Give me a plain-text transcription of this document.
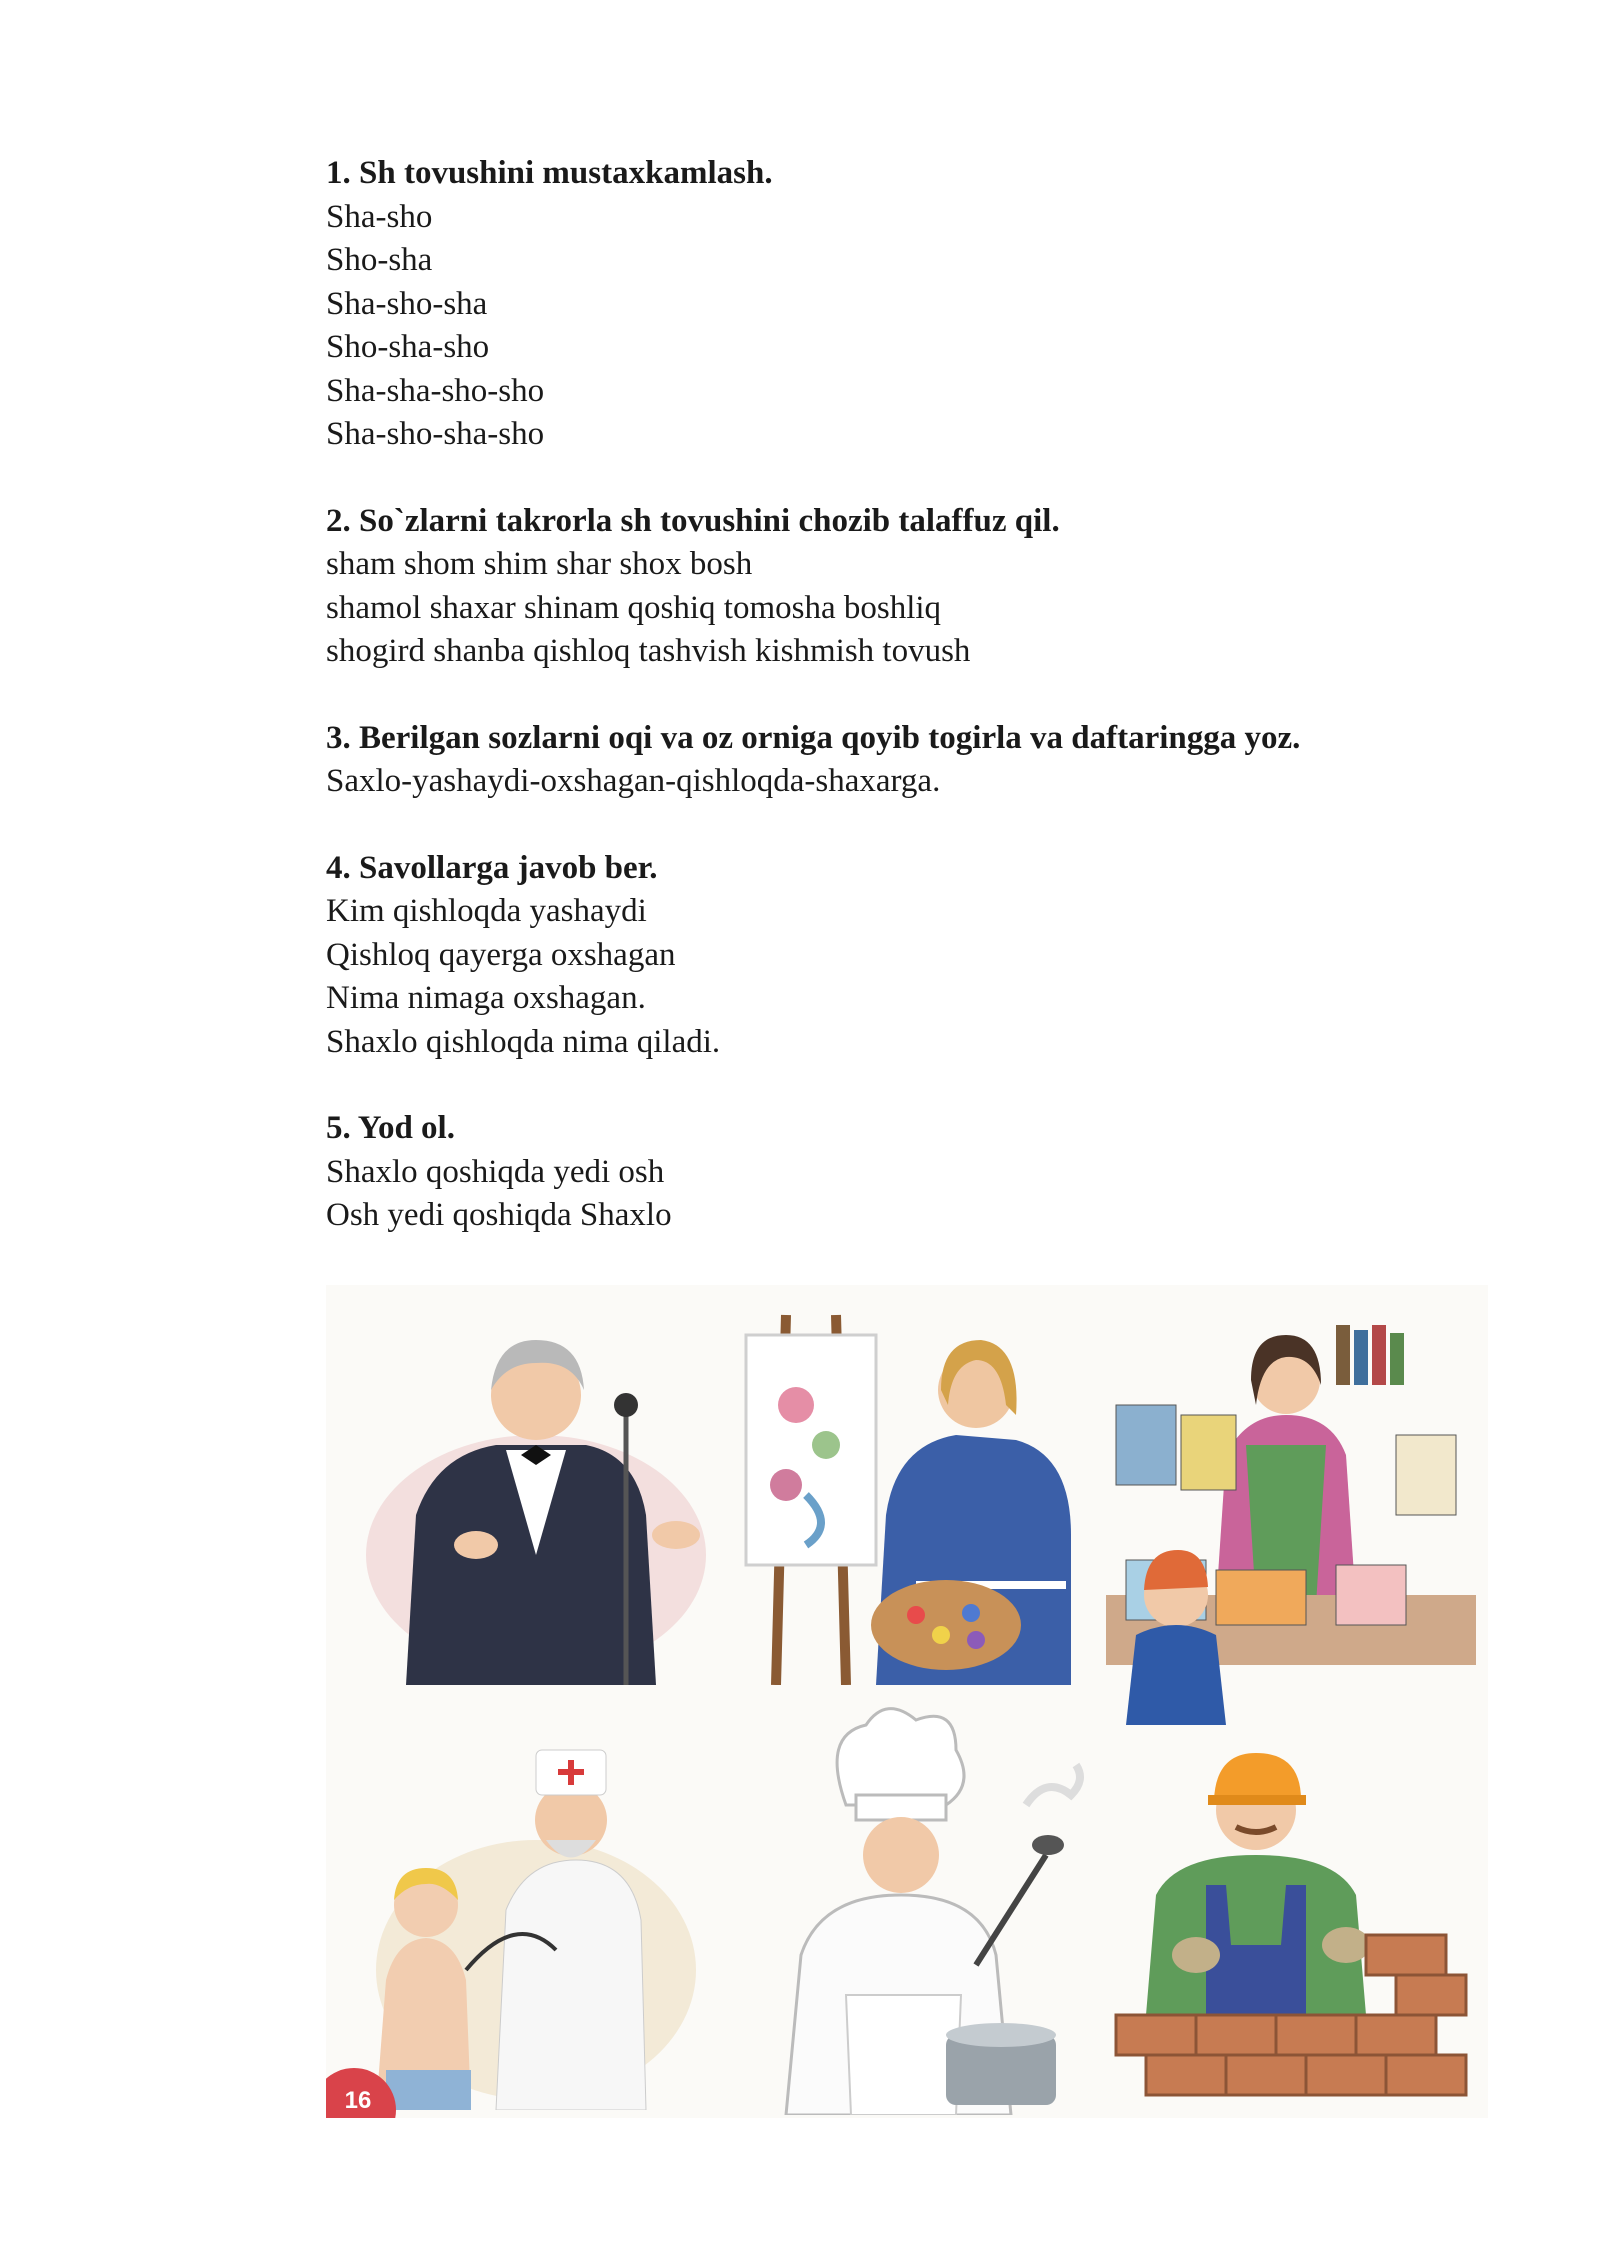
1. Sh tovushini mustaxkamlash.

Sha-sho

Sho-sha

Sha-sho-sha

Sho-sha-sho

Sha-sha-sho-sho

Sha-sho-sha-sho

2. So`zlarni takrorla sh tovushini chozib talaffuz qil.

sham shom shim shar shox bosh

shamol shaxar shinam qoshiq tomosha boshliq

shogird shanba qishloq tashvish kishmish tovush

3. Berilgan sozlarni oqi va oz orniga qoyib togirla va daftaringga yoz.

Saxlo-yashaydi-oxshagan-qishloqda-shaxarga.

4. Savollarga javob ber.

Kim qishloqda yashaydi

Qishloq qayerga oxshagan

Nima nimaga oxshagan.

Shaxlo qishloqda nima qiladi.

5. Yod ol.

Shaxlo qoshiqda yedi osh

Osh yedi qoshiqda Shaxlo

16
